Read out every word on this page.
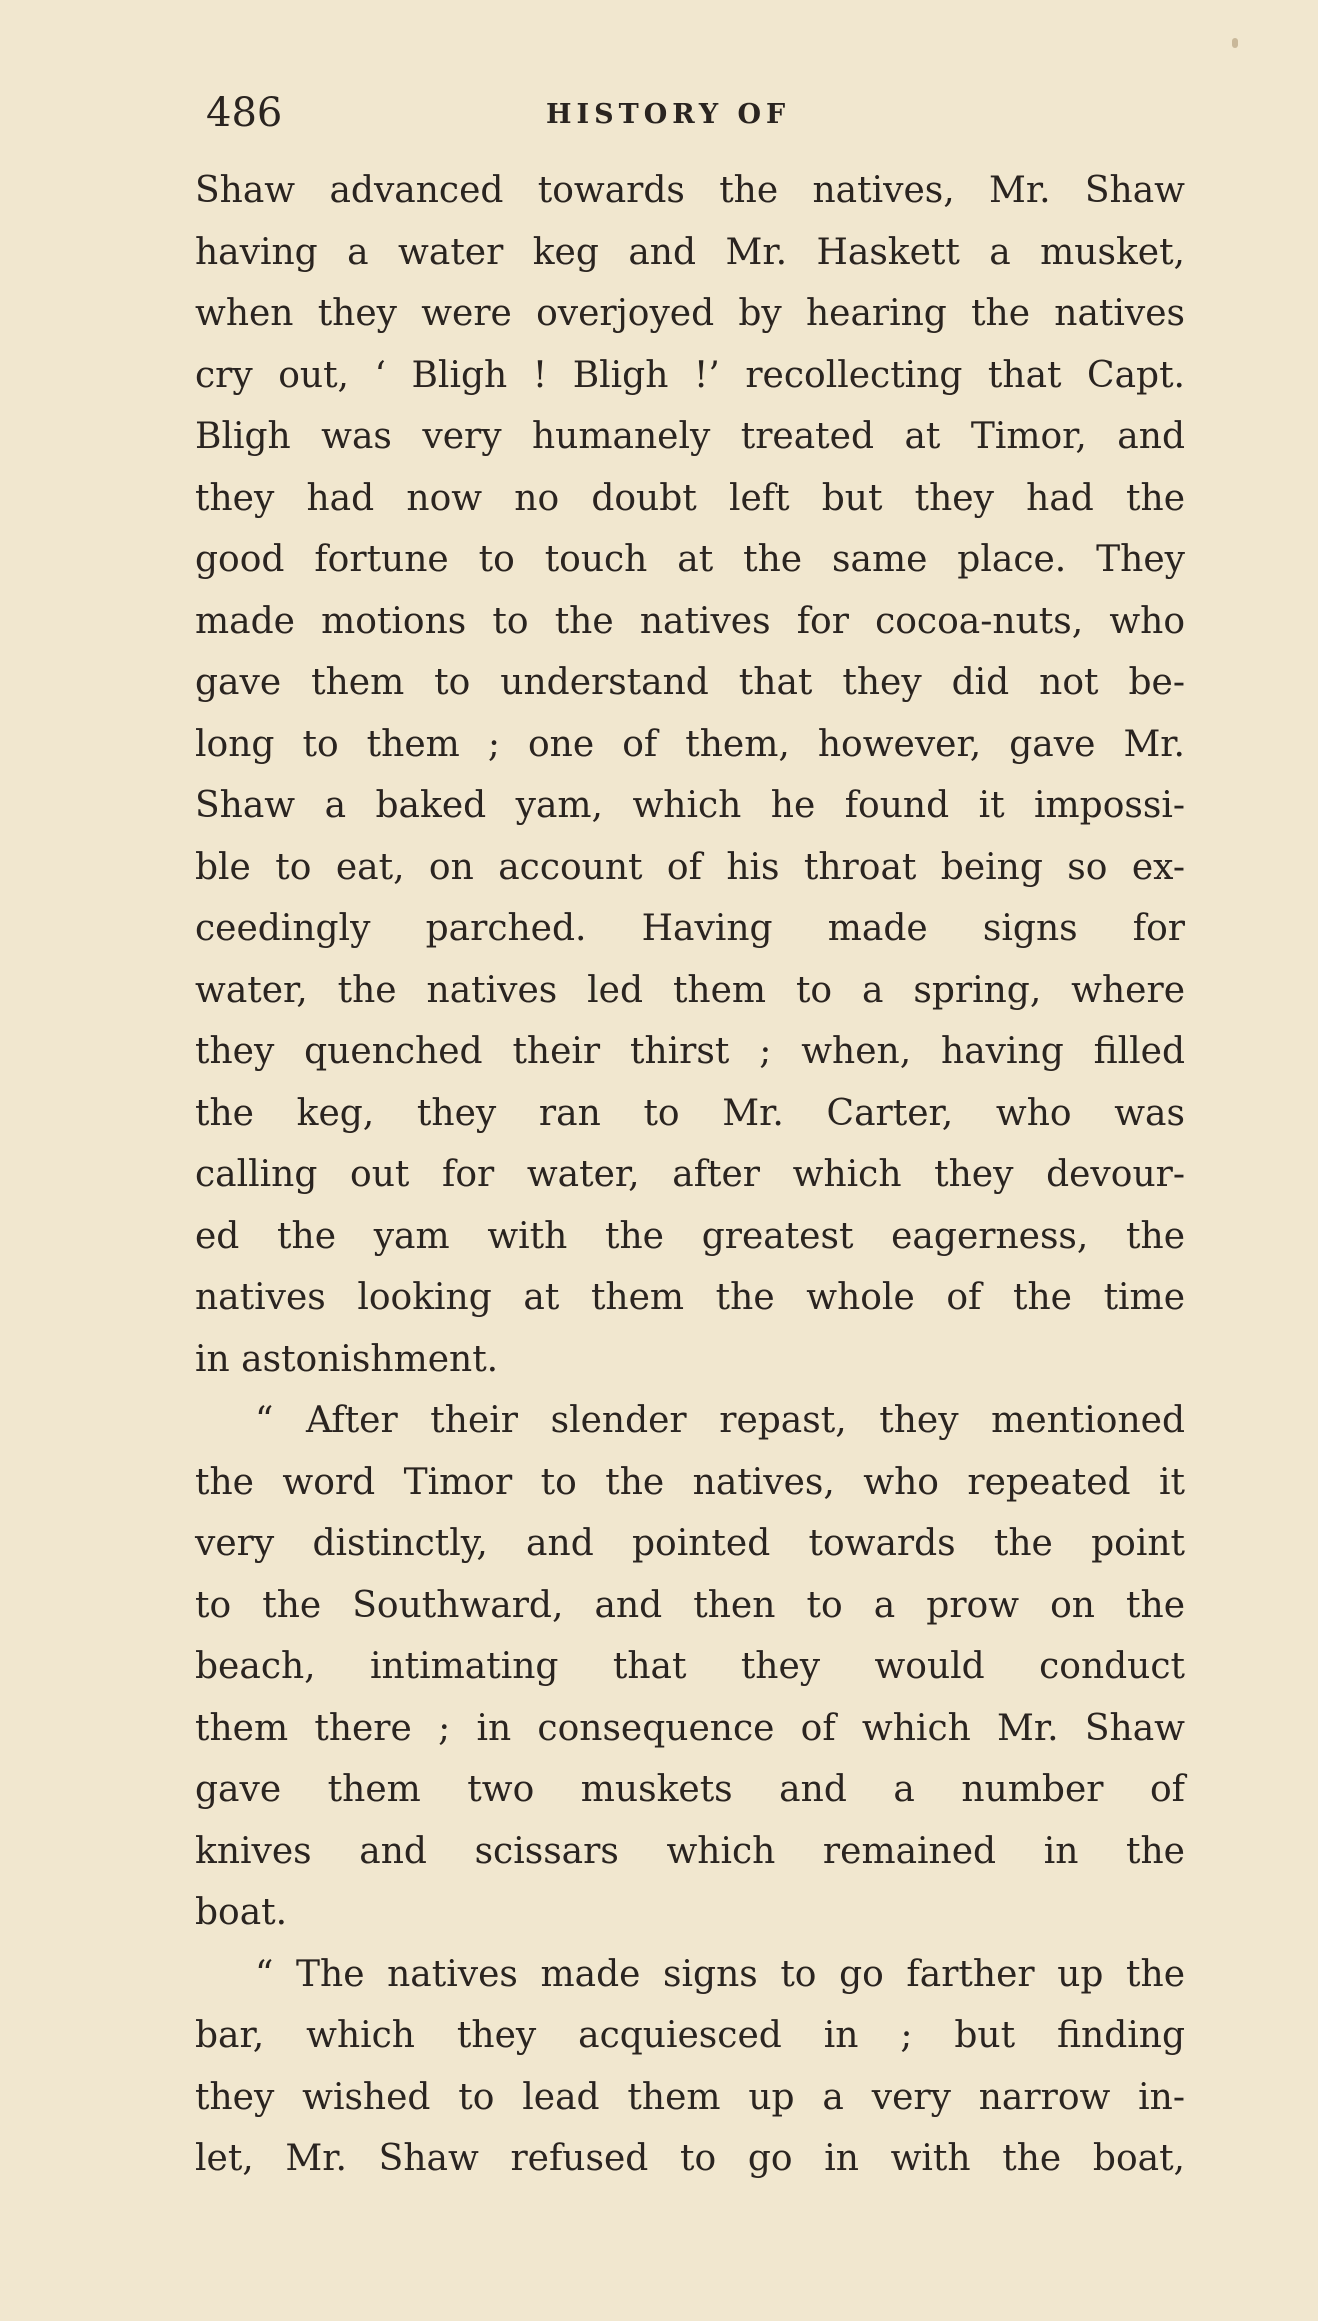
486	HISTORY OF
Shaw advanced towards the natives, Mr. Shaw
having a water keg and Mr. Haskett a musket,
when they were overjoyed by hearing the natives
cry out, ‘ Bligh ! Bligh !’ recollecting that Capt.
Bligh was very humanely treated at Timor, and
they had now no doubt left but they had the
good fortune to touch at the same place. They
made motions to the natives for cocoa-nuts, who
gave them to understand that they did not be-
long to them ; one of them, however, gave Mr.
Shaw a baked yam, which he found it impossi-
ble to eat, on account of his throat being so ex-
ceedingly parched. Having made signs for
water, the natives led them to a spring, where
they quenched their thirst ; when, having filled
the keg, they ran to Mr. Carter, who was
calling out for water, after which they devour-
ed the yam with the greatest eagerness, the
natives looking at them the whole of the time
in astonishment.
“ After their slender repast, they mentioned
the word Timor to the natives, who repeated it
very distinctly, and pointed towards the point
to the Southward, and then to a prow on the
beach, intimating that they would conduct
them there ; in consequence of which Mr. Shaw
gave them two muskets and a number of
knives and scissars which remained in the
boat.
“ The natives made signs to go farther up the
bar, which they acquiesced in ; but finding
they wished to lead them up a very narrow in-
let, Mr. Shaw refused to go in with the boat,
